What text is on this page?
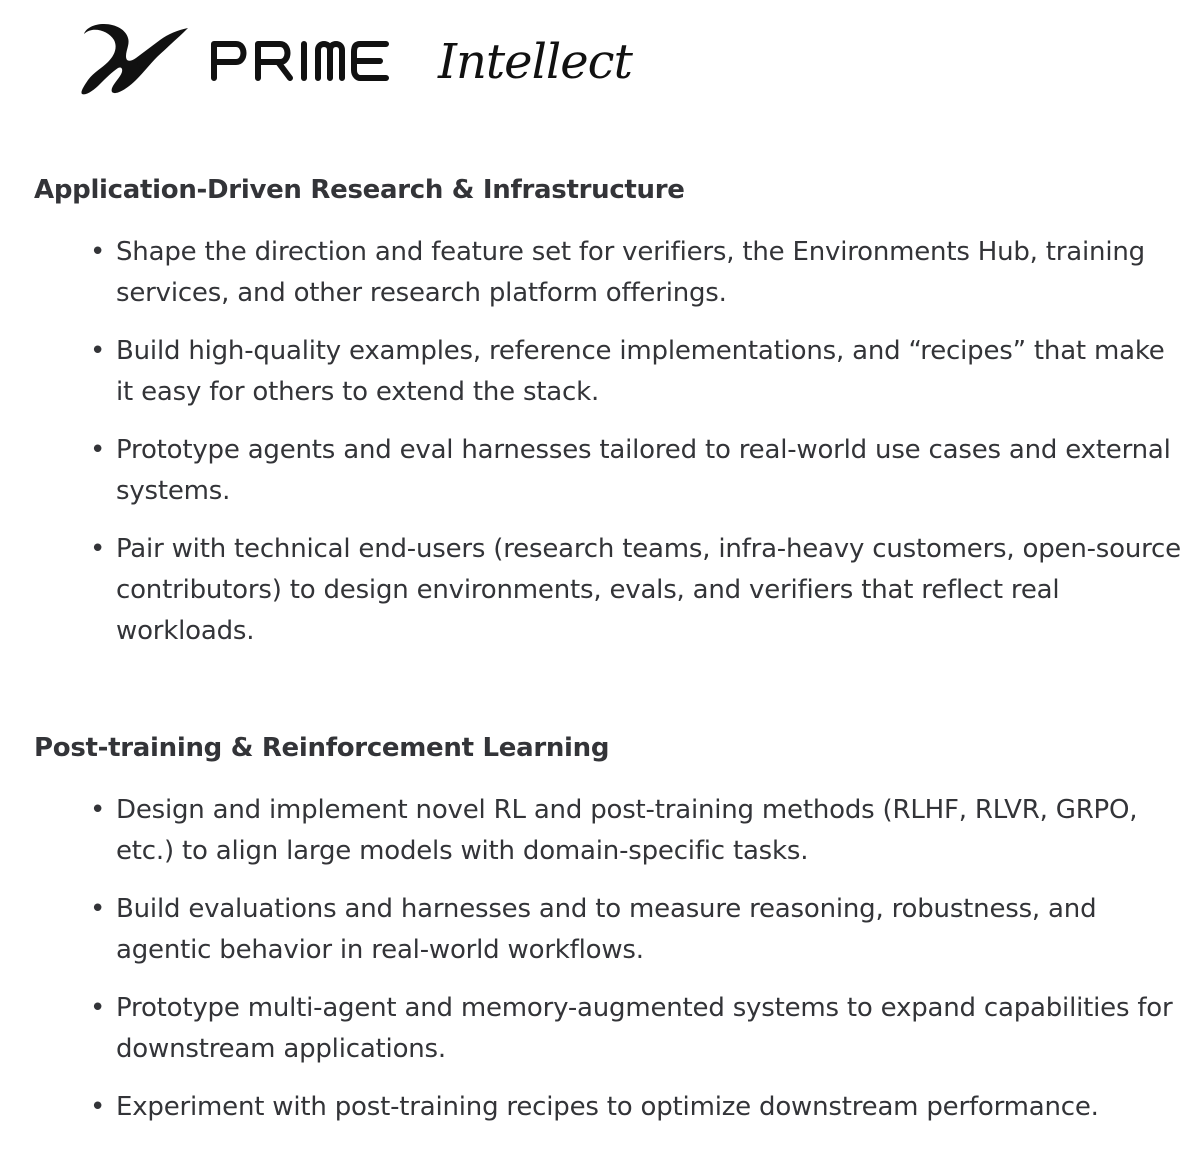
Intellect
Application-Driven Research & Infrastructure
• Shape the direction and feature set for verifiers, the Environments Hub, training services, and other research platform offerings.
• Build high-quality examples, reference implementations, and “recipes” that make it easy for others to extend the stack.
• Prototype agents and eval harnesses tailored to real-world use cases and external systems.
• Pair with technical end-users (research teams, infra-heavy customers, open-source contributors) to design environments, evals, and verifiers that reflect real workloads.
Post-training & Reinforcement Learning
• Design and implement novel RL and post-training methods (RLHF, RLVR, GRPO, etc.) to align large models with domain-specific tasks.
• Build evaluations and harnesses and to measure reasoning, robustness, and agentic behavior in real-world workflows.
• Prototype multi-agent and memory-augmented systems to expand capabilities for downstream applications.
• Experiment with post-training recipes to optimize downstream performance.
